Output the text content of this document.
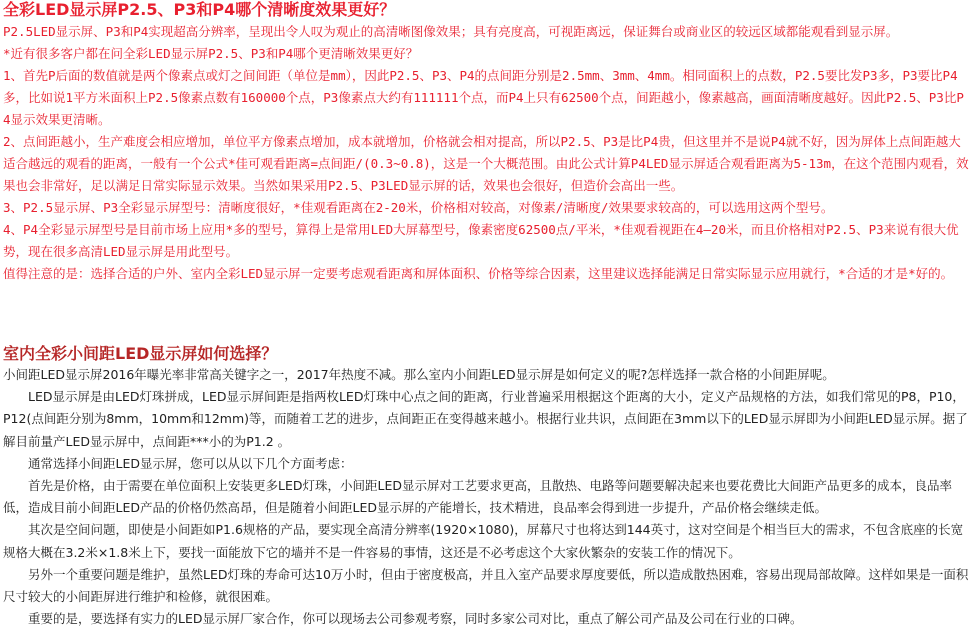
全彩LED显示屏P2.5、P3和P4哪个清晰度效果更好？

P2.5LED显示屏、P3和P4实现超高分辨率，呈现出令人叹为观止的高清晰图像效果；具有亮度高，可视距离远，保证舞台或商业区的较远区域都能观看到显示屏。

*近有很多客户都在问全彩LED显示屏P2.5、P3和P4哪个更清晰效果更好？

1、首先P后面的数值就是两个像素点或灯之间间距（单位是mm），因此P2.5、P3、P4的点间距分别是2.5mm、3mm、4mm。相同面积上的点数，P2.5要比发P3多，P3要比P4多，比如说1平方米面积上P2.5像素点数有160000个点，P3像素点大约有111111个点，而P4上只有62500个点，间距越小，像素越高，画面清晰度越好。因此P2.5、P3比P4显示效果更清晰。

2、点间距越小，生产难度会相应增加，单位平方像素点增加，成本就增加，价格就会相对提高，所以P2.5、P3是比P4贵，但这里并不是说P4就不好，因为屏体上点间距越大适合越远的观看的距离，一般有一个公式*佳可观看距离=点间距/(0.3~0.8)，这是一个大概范围。由此公式计算P4LED显示屏适合观看距离为5-13m，在这个范围内观看，效果也会非常好，足以满足日常实际显示效果。当然如果采用P2.5、P3LED显示屏的话，效果也会很好，但造价会高出一些。

3、P2.5显示屏、P3全彩显示屏型号：清晰度很好，*佳观看距离在2-20米，价格相对较高，对像素/清晰度/效果要求较高的，可以选用这两个型号。

4、P4全彩显示屏型号是目前市场上应用*多的型号，算得上是常用LED大屏幕型号，像素密度62500点/平米，*佳观看视距在4—20米，而且价格相对P2.5、P3来说有很大优势，现在很多高清LED显示屏是用此型号。

值得注意的是：选择合适的户外、室内全彩LED显示屏一定要考虑观看距离和屏体面积、价格等综合因素，这里建议选择能满足日常实际显示应用就行，*合适的才是*好的。

室内全彩小间距LED显示屏如何选择？

小间距LED显示屏2016年曝光率非常高关键字之一，2017年热度不减。那么室内小间距LED显示屏是如何定义的呢?怎样选择一款合格的小间距屏呢。

LED显示屏是由LED灯珠拼成，LED显示屏间距是指两枚LED灯珠中心点之间的距离，行业普遍采用根据这个距离的大小，定义产品规格的方法，如我们常见的P8，P10，P12(点间距分别为8mm，10mm和12mm)等，而随着工艺的进步，点间距正在变得越来越小。根据行业共识，点间距在3mm以下的LED显示屏即为小间距LED显示屏。据了解目前量产LED显示屏中，点间距***小的为P1.2 。

通常选择小间距LED显示屏，您可以从以下几个方面考虑：

首先是价格，由于需要在单位面积上安装更多LED灯珠，小间距LED显示屏对工艺要求更高，且散热、电路等问题要解决起来也要花费比大间距产品更多的成本，良品率低，造成目前小间距LED产品的价格仍然高昂，但是随着小间距LED显示屏的产能增长，技术精进，良品率会得到进一步提升，产品价格会继续走低。

其次是空间问题，即使是小间距如P1.6规格的产品，要实现全高清分辨率(1920×1080)，屏幕尺寸也将达到144英寸，这对空间是个相当巨大的需求，不包含底座的长宽规格大概在3.2米×1.8米上下，要找一面能放下它的墙并不是一件容易的事情，这还是不必考虑这个大家伙繁杂的安装工作的情况下。

另外一个重要问题是维护，虽然LED灯珠的寿命可达10万小时，但由于密度极高，并且入室产品要求厚度要低，所以造成散热困难，容易出现局部故障。这样如果是一面积尺寸较大的小间距屏进行维护和检修，就很困难。

重要的是，要选择有实力的LED显示屏厂家合作，你可以现场去公司参观考察，同时多家公司对比，重点了解公司产品及公司在行业的口碑。
